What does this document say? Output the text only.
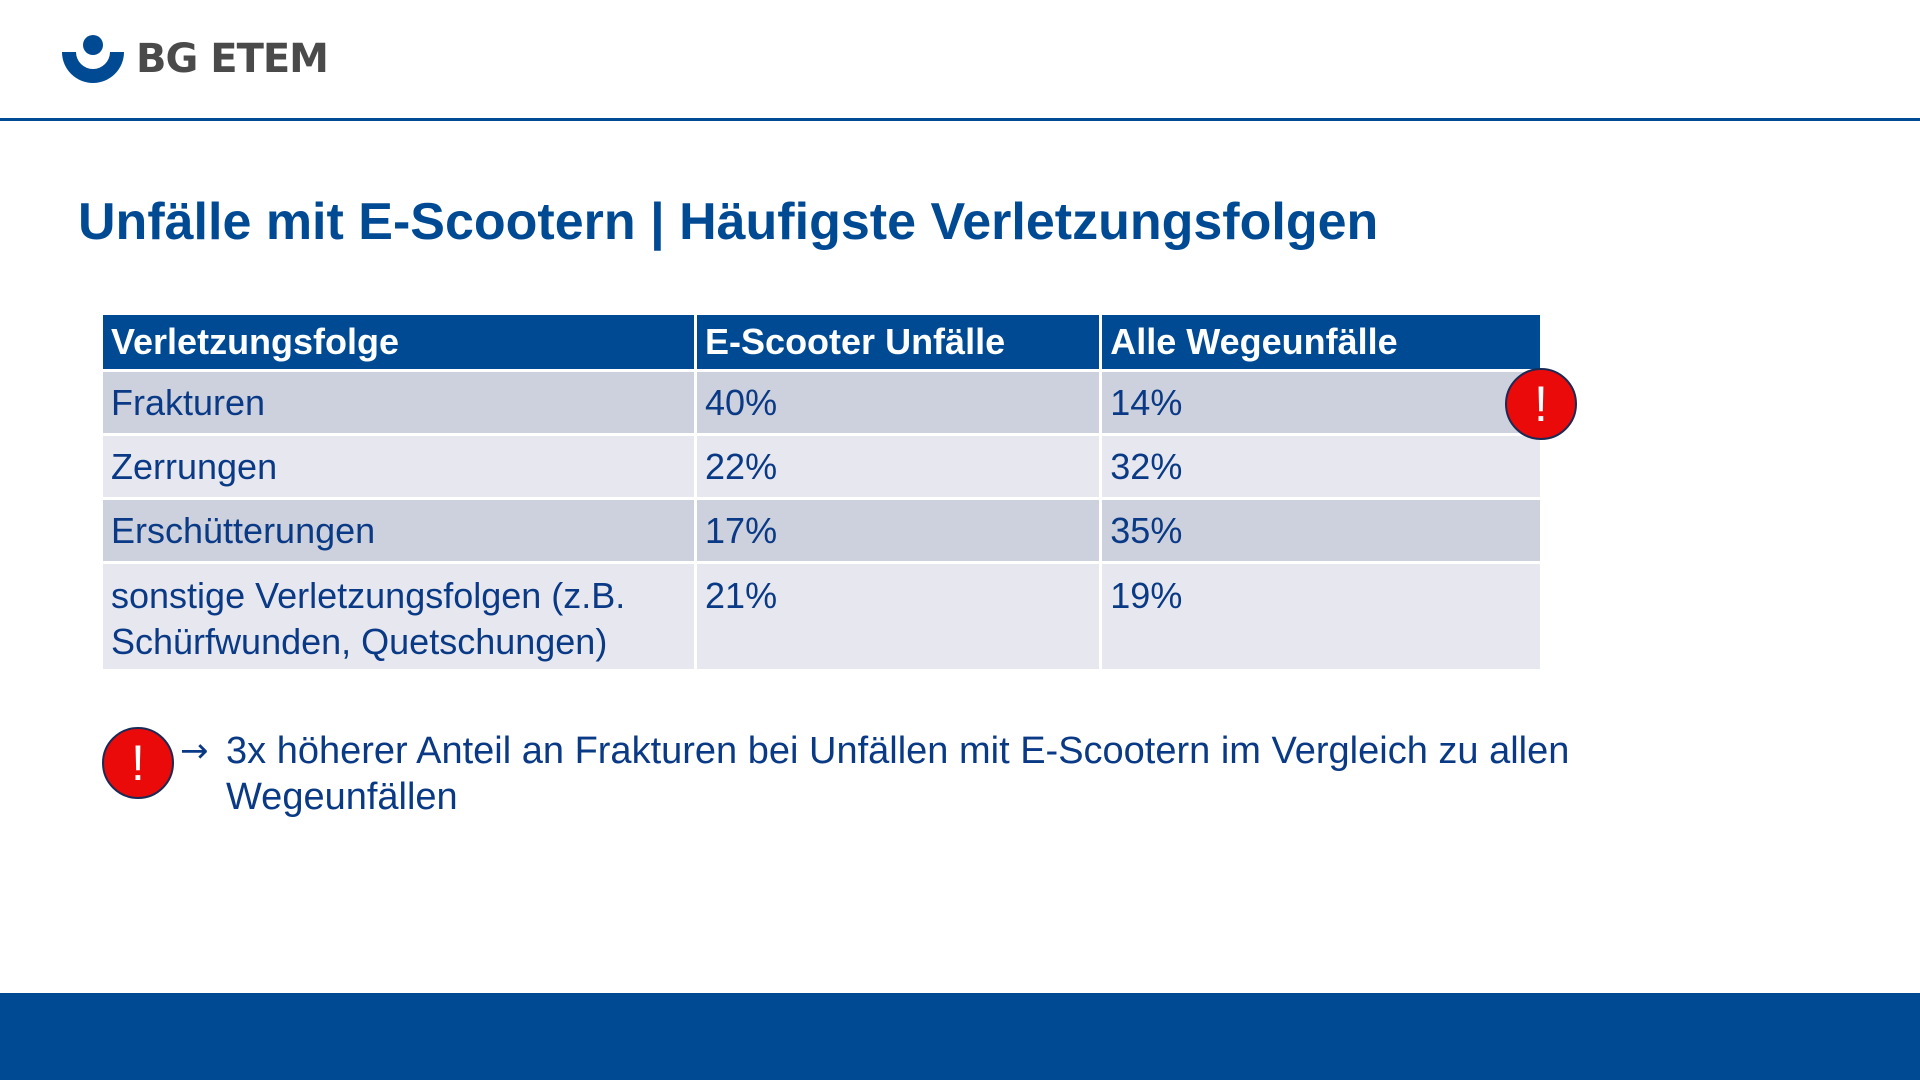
BG ETEM
Unfälle mit E-Scootern | Häufigste Verletzungsfolgen
Verletzungsfolge	E-Scooter Unfälle	Alle Wegeunfälle
Frakturen	40%	14%
Zerrungen	22%	32%
Erschütterungen	17%	35%
sonstige Verletzungsfolgen (z.B. Schürfwunden, Quetschungen)	21%	19%
!
!	→ 3x höherer Anteil an Frakturen bei Unfällen mit E-Scootern im Vergleich zu allen Wegeunfällen
